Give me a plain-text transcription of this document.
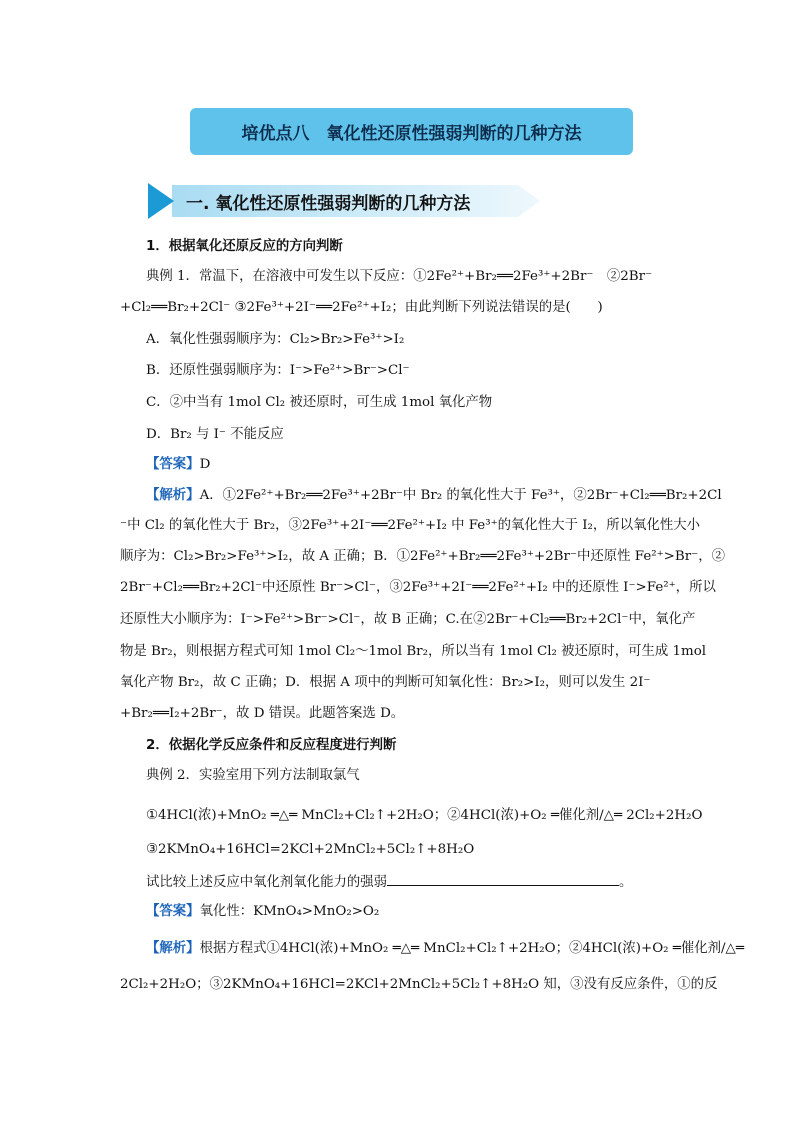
培优点八　氧化性还原性强弱判断的几种方法
一. 氧化性还原性强弱判断的几种方法
1．根据氧化还原反应的方向判断
典例 1．常温下，在溶液中可发生以下反应：①2Fe²⁺+Br₂══2Fe³⁺+2Br⁻　②2Br⁻
+Cl₂══Br₂+2Cl⁻ ③2Fe³⁺+2I⁻══2Fe²⁺+I₂；由此判断下列说法错误的是(　　)
A．氧化性强弱顺序为：Cl₂>Br₂>Fe³⁺>I₂
B．还原性强弱顺序为：I⁻>Fe²⁺>Br⁻>Cl⁻
C．②中当有 1mol Cl₂ 被还原时，可生成 1mol 氧化产物
D．Br₂ 与 I⁻ 不能反应
【答案】D
【解析】A．①2Fe²⁺+Br₂══2Fe³⁺+2Br⁻中 Br₂ 的氧化性大于 Fe³⁺，②2Br⁻+Cl₂══Br₂+2Cl
⁻中 Cl₂ 的氧化性大于 Br₂，③2Fe³⁺+2I⁻══2Fe²⁺+I₂ 中 Fe³⁺的氧化性大于 I₂，所以氧化性大小
顺序为：Cl₂>Br₂>Fe³⁺>I₂，故 A 正确；B．①2Fe²⁺+Br₂══2Fe³⁺+2Br⁻中还原性 Fe²⁺>Br⁻，②
2Br⁻+Cl₂══Br₂+2Cl⁻中还原性 Br⁻>Cl⁻，③2Fe³⁺+2I⁻══2Fe²⁺+I₂ 中的还原性 I⁻>Fe²⁺，所以
还原性大小顺序为：I⁻>Fe²⁺>Br⁻>Cl⁻，故 B 正确；C.在②2Br⁻+Cl₂══Br₂+2Cl⁻中，氧化产
物是 Br₂，则根据方程式可知 1mol Cl₂～1mol Br₂，所以当有 1mol Cl₂ 被还原时，可生成 1mol
氧化产物 Br₂，故 C 正确；D．根据 A 项中的判断可知氧化性：Br₂>I₂，则可以发生 2I⁻
+Br₂══I₂+2Br⁻，故 D 错误。此题答案选 D。
2．依据化学反应条件和反应程度进行判断
典例 2．实验室用下列方法制取氯气
①4HCl(浓)+MnO₂ ═△═ MnCl₂+Cl₂↑+2H₂O；②4HCl(浓)+O₂ ═催化剂/△═ 2Cl₂+2H₂O
③2KMnO₄+16HCl=2KCl+2MnCl₂+5Cl₂↑+8H₂O
试比较上述反应中氧化剂氧化能力的强弱	。
【答案】氧化性：KMnO₄>MnO₂>O₂
【解析】根据方程式①4HCl(浓)+MnO₂ ═△═ MnCl₂+Cl₂↑+2H₂O；②4HCl(浓)+O₂ ═催化剂/△═
2Cl₂+2H₂O；③2KMnO₄+16HCl=2KCl+2MnCl₂+5Cl₂↑+8H₂O 知，③没有反应条件，①的反
